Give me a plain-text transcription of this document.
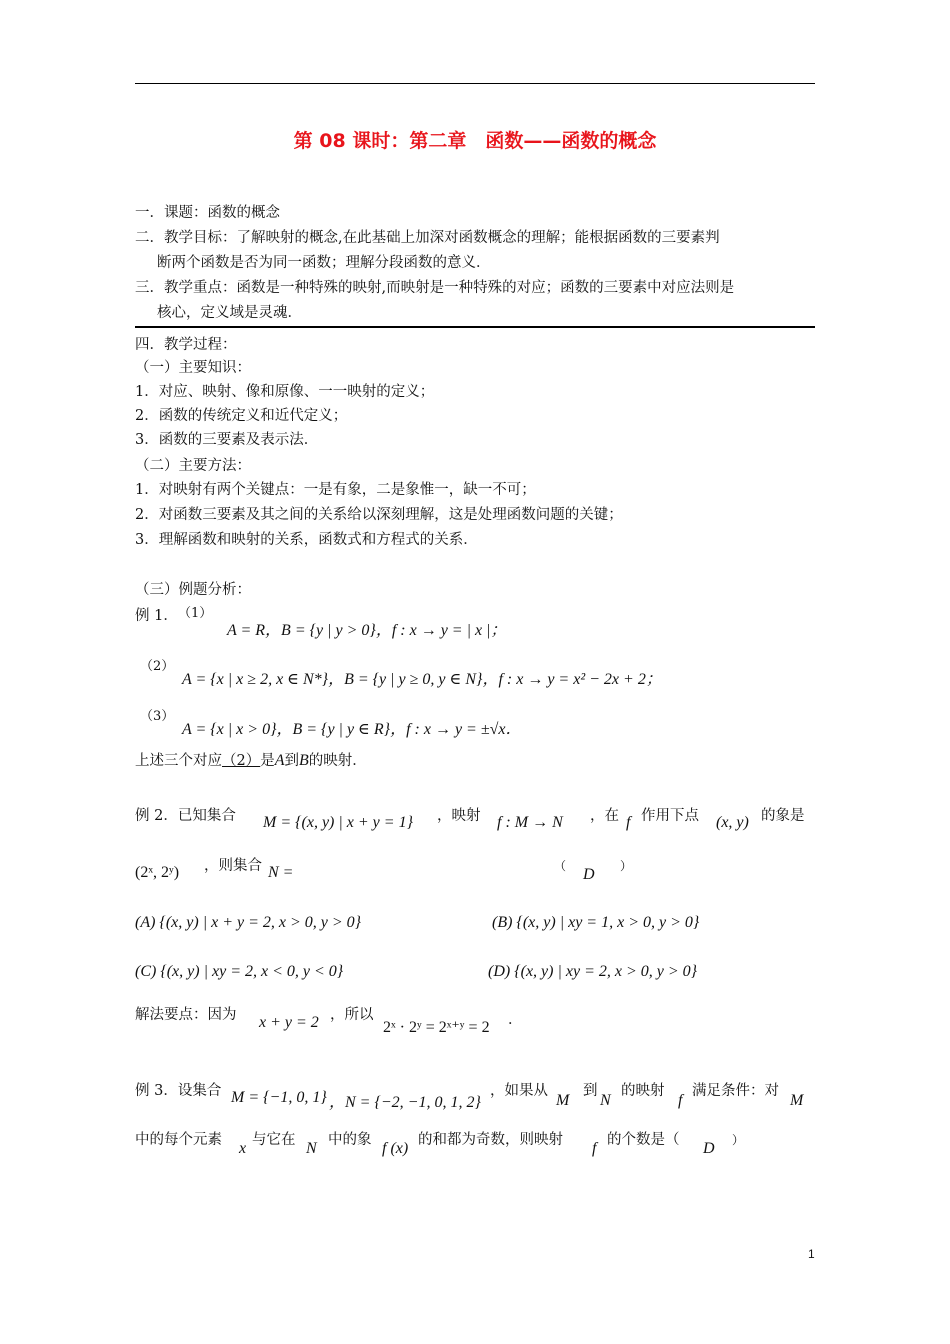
第 08 课时：第二章　函数——函数的概念
一．课题：函数的概念
二．教学目标：了解映射的概念,在此基础上加深对函数概念的理解；能根据函数的三要素判
断两个函数是否为同一函数；理解分段函数的意义．
三．教学重点：函数是一种特殊的映射,而映射是一种特殊的对应；函数的三要素中对应法则是
核心，定义域是灵魂．
四．教学过程：
（一）主要知识：
1．对应、映射、像和原像、一一映射的定义；
2．函数的传统定义和近代定义；
3．函数的三要素及表示法．
（二）主要方法：
1．对映射有两个关键点：一是有象，二是象惟一，缺一不可；
2．对函数三要素及其之间的关系给以深刻理解，这是处理函数问题的关键；
3．理解函数和映射的关系，函数式和方程式的关系．
（三）例题分析：
例 1． （1）
A = R，B = {y | y > 0}，f : x → y = | x |；
（2）
A = {x | x ≥ 2, x ∈ N*}，B = {y | y ≥ 0, y ∈ N}，f : x → y = x² − 2x + 2；
（3）
A = {x | x > 0}，B = {y | y ∈ R}，f : x → y = ±√x．
上述三个对应（2）是A到B的映射．
例 2．已知集合 M = {(x, y) | x + y = 1} ，映射 f : M → N ，在 f 作用下点 (x, y) 的象是
(2ˣ, 2ʸ) ，则集合 N =	（ D ）
(A) {(x, y) | x + y = 2, x > 0, y > 0}	(B) {(x, y) | xy = 1, x > 0, y > 0}
(C) {(x, y) | xy = 2, x < 0, y < 0}	(D) {(x, y) | xy = 2, x > 0, y > 0}
解法要点：因为 x + y = 2 ，所以
2ˣ · 2ʸ = 2ˣ⁺ʸ = 2 ．
例 3．设集合 M = {−1, 0, 1} ，N = {−2, −1, 0, 1, 2}
，如果从
M
到
N
的映射
f
满足条件：对
M
中的每个元素 x 与它在 N 中的象 f (x) 的和都为奇数，则映射 f 的个数是（ D ）
1
